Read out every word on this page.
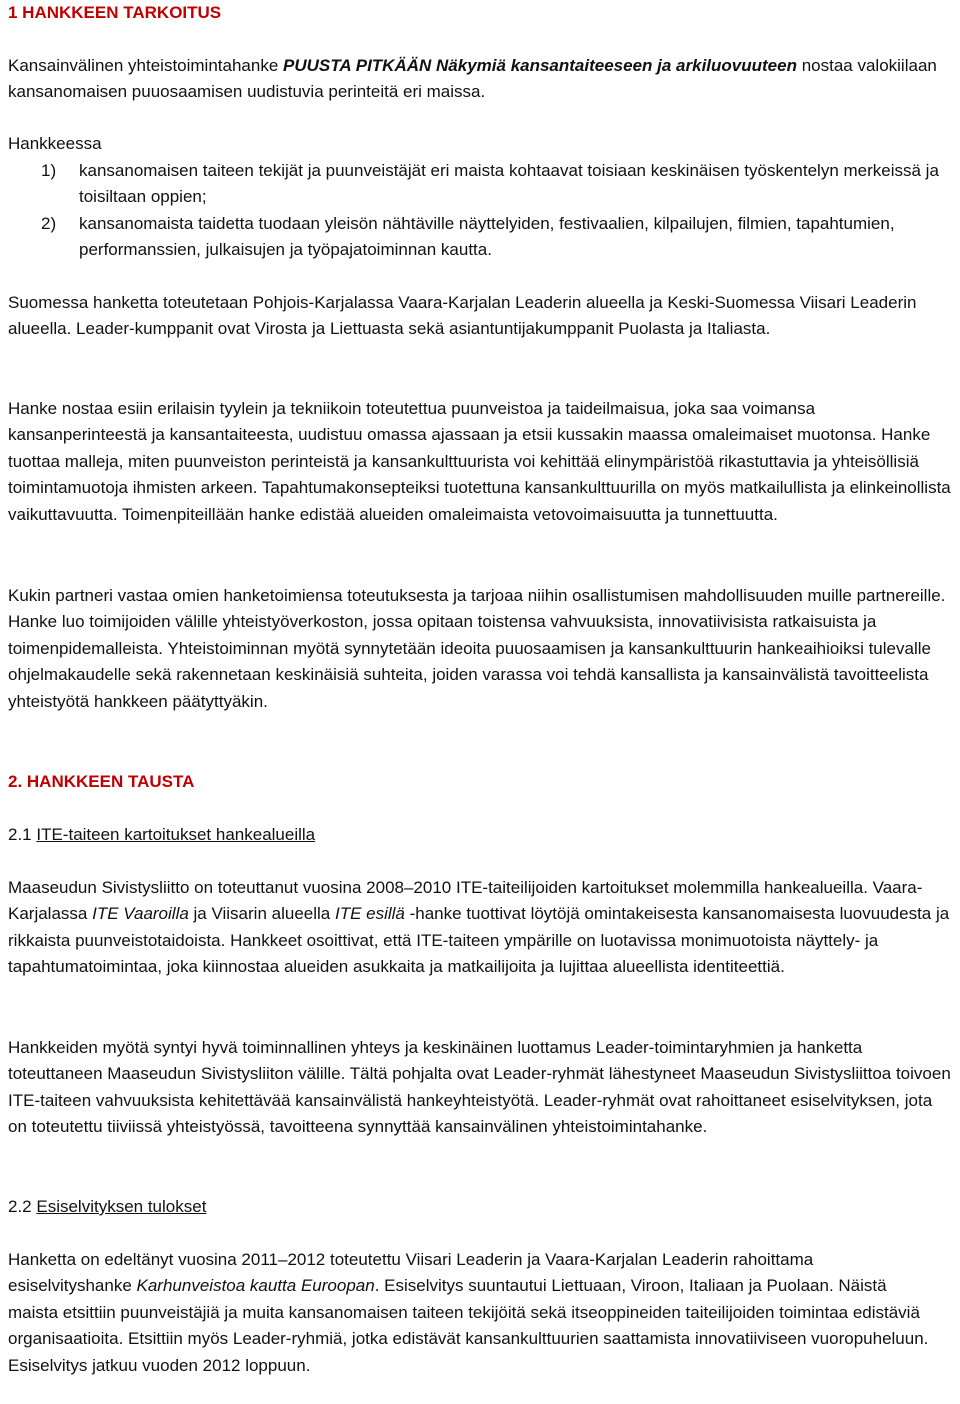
1 HANKKEEN TARKOITUS

Kansainvälinen yhteistoimintahanke PUUSTA PITKÄÄN Näkymiä kansantaiteeseen ja arkiluovuuteen nostaa valokiilaan kansanomaisen puuosaamisen uudistuvia perinteitä eri maissa.

Hankkeessa

1) kansanomaisen taiteen tekijät ja puunveistäjät eri maista kohtaavat toisiaan keskinäisen työskentelyn merkeissä ja toisiltaan oppien;

2) kansanomaista taidetta tuodaan yleisön nähtäville näyttelyiden, festivaalien, kilpailujen, filmien, tapahtumien, performanssien, julkaisujen ja työpajatoiminnan kautta.

Suomessa hanketta toteutetaan Pohjois-Karjalassa Vaara-Karjalan Leaderin alueella ja Keski-Suomessa Viisari Leaderin alueella. Leader-kumppanit ovat Virosta ja Liettuasta sekä asiantuntijakumppanit Puolasta ja Italiasta.

Hanke nostaa esiin erilaisin tyylein ja tekniikoin toteutettua puunveistoa ja taideilmaisua, joka saa voimansa kansanperinteestä ja kansantaiteesta, uudistuu omassa ajassaan ja etsii kussakin maassa omaleimaiset muotonsa. Hanke tuottaa malleja, miten puunveiston perinteistä ja kansankulttuurista voi kehittää elinympäristöä rikastuttavia ja yhteisöllisiä toimintamuotoja ihmisten arkeen. Tapahtumakonsepteiksi tuotettuna kansankulttuurilla on myös matkailullista ja elinkeinollista vaikuttavuutta. Toimenpiteillään hanke edistää alueiden omaleimaista vetovoimaisuutta ja tunnettuutta.

Kukin partneri vastaa omien hanketoimiensa toteutuksesta ja tarjoaa niihin osallistumisen mahdollisuuden muille partnereille. Hanke luo toimijoiden välille yhteistyöverkoston, jossa opitaan toistensa vahvuuksista, innovatiivisista ratkaisuista ja toimenpidemalleista. Yhteistoiminnan myötä synnytetään ideoita puuosaamisen ja kansankulttuurin hankeaihioiksi tulevalle ohjelmakaudelle sekä rakennetaan keskinäisiä suhteita, joiden varassa voi tehdä kansallista ja kansainvälistä tavoitteelista yhteistyötä hankkeen päätyttyäkin.

2. HANKKEEN TAUSTA

2.1 ITE-taiteen kartoitukset hankealueilla

Maaseudun Sivistysliitto on toteuttanut vuosina 2008–2010 ITE-taiteilijoiden kartoitukset molemmilla hankealueilla. Vaara-Karjalassa ITE Vaaroilla ja Viisarin alueella ITE esillä -hanke tuottivat löytöjä omintakeisesta kansanomaisesta luovuudesta ja rikkaista puunveistotaidoista. Hankkeet osoittivat, että ITE-taiteen ympärille on luotavissa monimuotoista näyttely- ja tapahtumatoimintaa, joka kiinnostaa alueiden asukkaita ja matkailijoita ja lujittaa alueellista identiteettiä.

Hankkeiden myötä syntyi hyvä toiminnallinen yhteys ja keskinäinen luottamus Leader-toimintaryhmien ja hanketta toteuttaneen Maaseudun Sivistysliiton välille. Tältä pohjalta ovat Leader-ryhmät lähestyneet Maaseudun Sivistysliittoa toivoen ITE-taiteen vahvuuksista kehitettävää kansainvälistä hankeyhteistyötä. Leader-ryhmät ovat rahoittaneet esiselvityksen, jota on toteutettu tiiviissä yhteistyössä, tavoitteena synnyttää kansainvälinen yhteistoimintahanke.

2.2 Esiselvityksen tulokset

Hanketta on edeltänyt vuosina 2011–2012 toteutettu Viisari Leaderin ja Vaara-Karjalan Leaderin rahoittama esiselvityshanke Karhunveistoa kautta Euroopan. Esiselvitys suuntautui Liettuaan, Viroon, Italiaan ja Puolaan. Näistä maista etsittiin puunveistäjiä ja muita kansanomaisen taiteen tekijöitä sekä itseoppineiden taiteilijoiden toimintaa edistäviä organisaatioita. Etsittiin myös Leader-ryhmiä, jotka edistävät kansankulttuurien saattamista innovatiiviseen vuoropuheluun. Esiselvitys jatkuu vuoden 2012 loppuun.
